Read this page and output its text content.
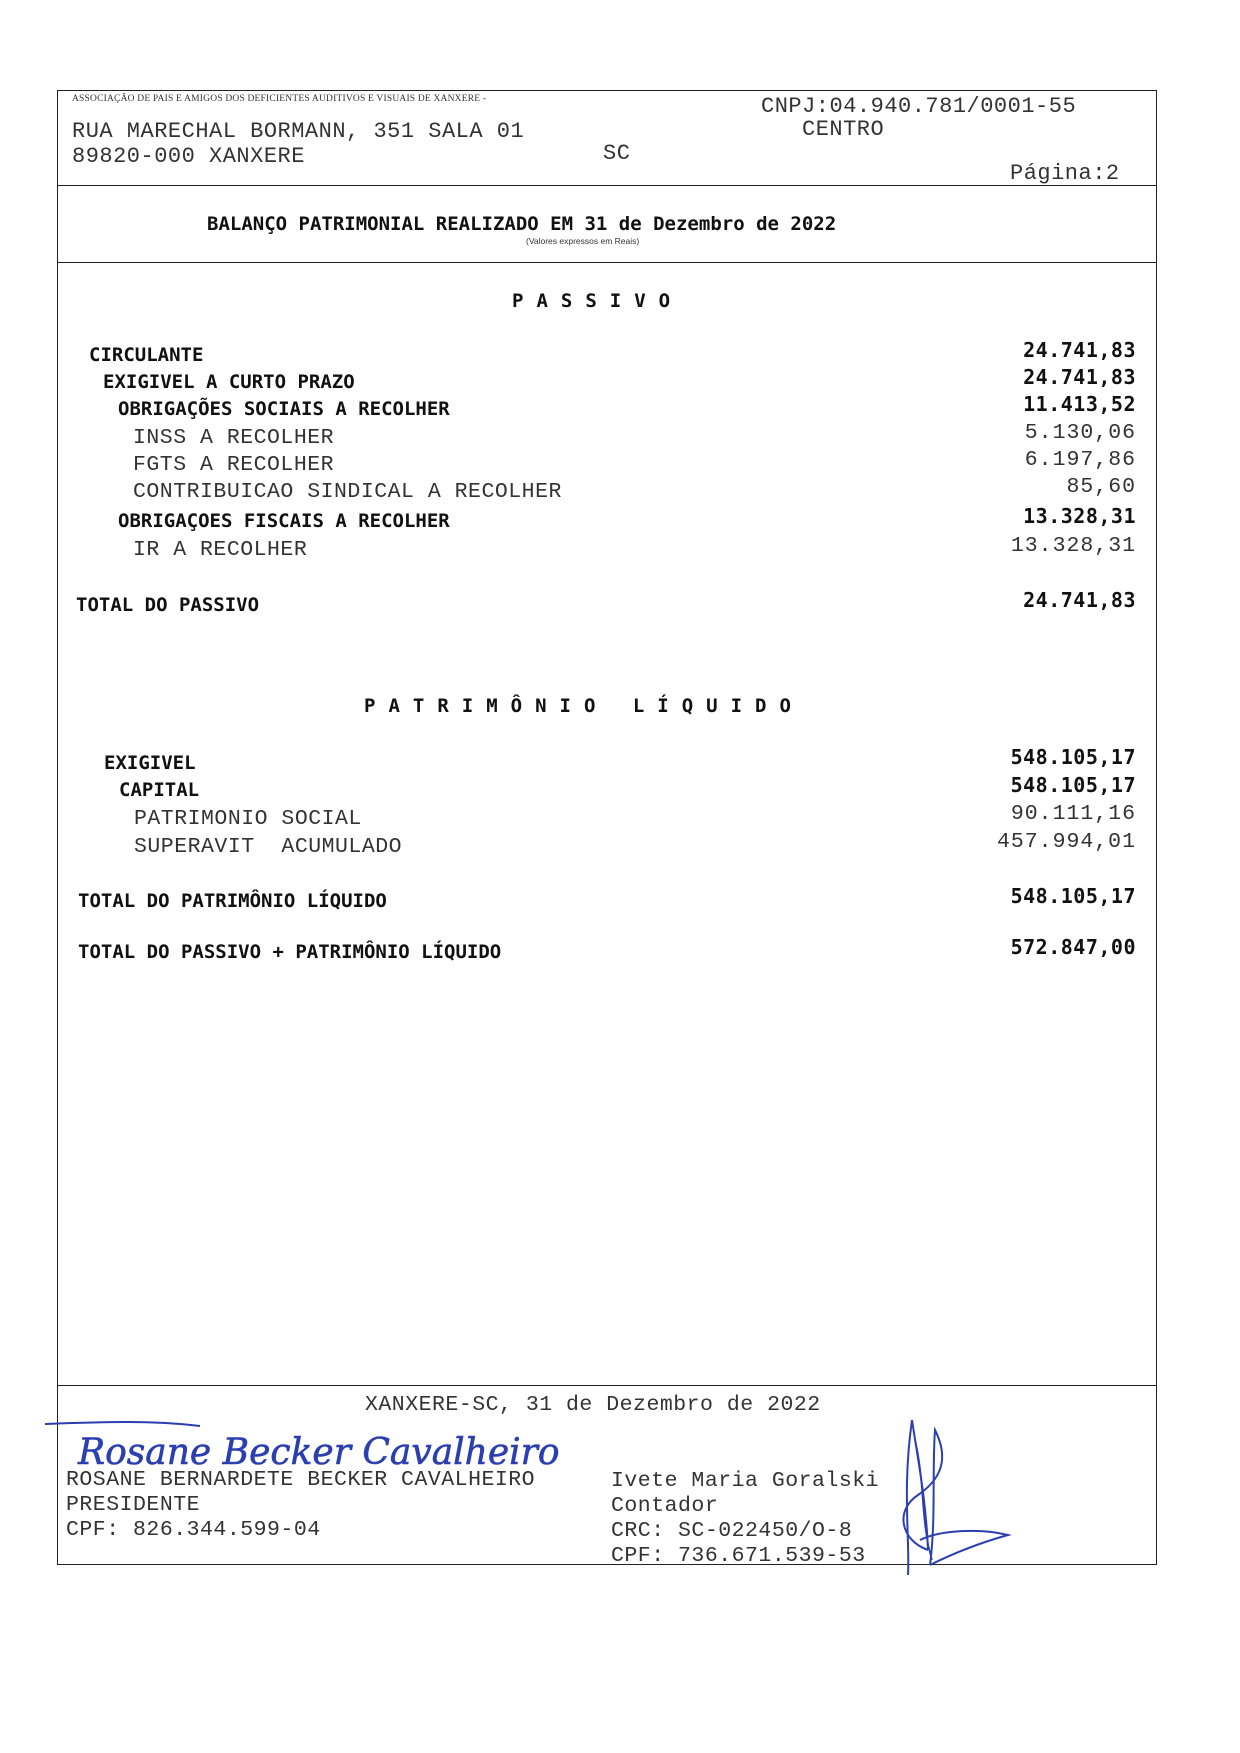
ASSOCIAÇÃO DE PAIS E AMIGOS DOS DEFICIENTES AUDITIVOS E VISUAIS DE XANXERE -
RUA MARECHAL BORMANN, 351 SALA 01
89820-000 XANXERE	SC
CNPJ:04.940.781/0001-55
CENTRO
Página:2
BALANÇO PATRIMONIAL REALIZADO EM 31 de Dezembro de 2022
(Valores expressos em Reais)
PASSIVO
CIRCULANTE	24.741,83
EXIGIVEL A CURTO PRAZO	24.741,83
OBRIGAÇÕES SOCIAIS A RECOLHER	11.413,52
INSS A RECOLHER	5.130,06
FGTS A RECOLHER	6.197,86
CONTRIBUICAO SINDICAL A RECOLHER	85,60
OBRIGAÇOES FISCAIS A RECOLHER	13.328,31
IR A RECOLHER	13.328,31
TOTAL DO PASSIVO	24.741,83
PATRIMÔNIO LÍQUIDO
EXIGIVEL	548.105,17
CAPITAL	548.105,17
PATRIMONIO SOCIAL	90.111,16
SUPERAVIT  ACUMULADO	457.994,01
TOTAL DO PATRIMÔNIO LÍQUIDO	548.105,17
TOTAL DO PASSIVO + PATRIMÔNIO LÍQUIDO	572.847,00
XANXERE-SC, 31 de Dezembro de 2022
Rosane Becker Cavalheiro
ROSANE BERNARDETE BECKER CAVALHEIRO
PRESIDENTE
CPF: 826.344.599-04
Ivete Maria Goralski
Contador
CRC: SC-022450/O-8
CPF: 736.671.539-53
